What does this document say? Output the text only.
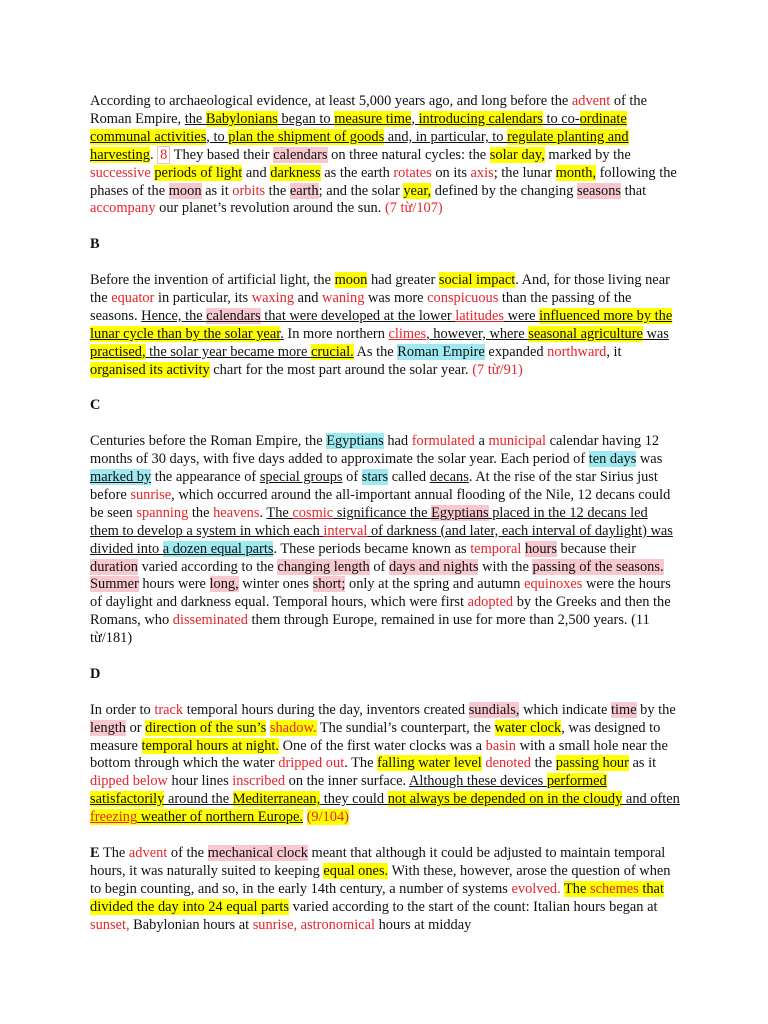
According to archaeological evidence, at least 5,000 years ago, and long before the advent of the Roman Empire, the Babylonians began to measure time, introducing calendars to co-ordinate communal activities, to plan the shipment of goods and, in particular, to regulate planting and harvesting. 8 They based their calendars on three natural cycles: the solar day, marked by the successive periods of light and darkness as the earth rotates on its axis; the lunar month, following the phases of the moon as it orbits the earth; and the solar year, defined by the changing seasons that accompany our planet’s revolution around the sun. (7 từ/107)

B

Before the invention of artificial light, the moon had greater social impact. And, for those living near the equator in particular, its waxing and waning was more conspicuous than the passing of the seasons. Hence, the calendars that were developed at the lower latitudes were influenced more by the lunar cycle than by the solar year. In more northern climes, however, where seasonal agriculture was practised, the solar year became more crucial. As the Roman Empire expanded northward, it organised its activity chart for the most part around the solar year. (7 từ/91)

C

Centuries before the Roman Empire, the Egyptians had formulated a municipal calendar having 12 months of 30 days, with five days added to approximate the solar year. Each period of ten days was marked by the appearance of special groups of stars called decans. At the rise of the star Sirius just before sunrise, which occurred around the all-important annual flooding of the Nile, 12 decans could be seen spanning the heavens. The cosmic significance the Egyptians placed in the 12 decans led them to develop a system in which each interval of darkness (and later, each interval of daylight) was divided into a dozen equal parts. These periods became known as temporal hours because their duration varied according to the changing length of days and nights with the passing of the seasons. Summer hours were long, winter ones short; only at the spring and autumn equinoxes were the hours of daylight and darkness equal. Temporal hours, which were first adopted by the Greeks and then the Romans, who disseminated them through Europe, remained in use for more than 2,500 years. (11 từ/181)

D

In order to track temporal hours during the day, inventors created sundials, which indicate time by the length or direction of the sun’s shadow. The sundial’s counterpart, the water clock, was designed to measure temporal hours at night. One of the first water clocks was a basin with a small hole near the bottom through which the water dripped out. The falling water level denoted the passing hour as it dipped below hour lines inscribed on the inner surface. Although these devices performed satisfactorily around the Mediterranean, they could not always be depended on in the cloudy and often freezing weather of northern Europe. (9/104)

E The advent of the mechanical clock meant that although it could be adjusted to maintain temporal hours, it was naturally suited to keeping equal ones. With these, however, arose the question of when to begin counting, and so, in the early 14th century, a number of systems evolved. The schemes that divided the day into 24 equal parts varied according to the start of the count: Italian hours began at sunset, Babylonian hours at sunrise, astronomical hours at midday
